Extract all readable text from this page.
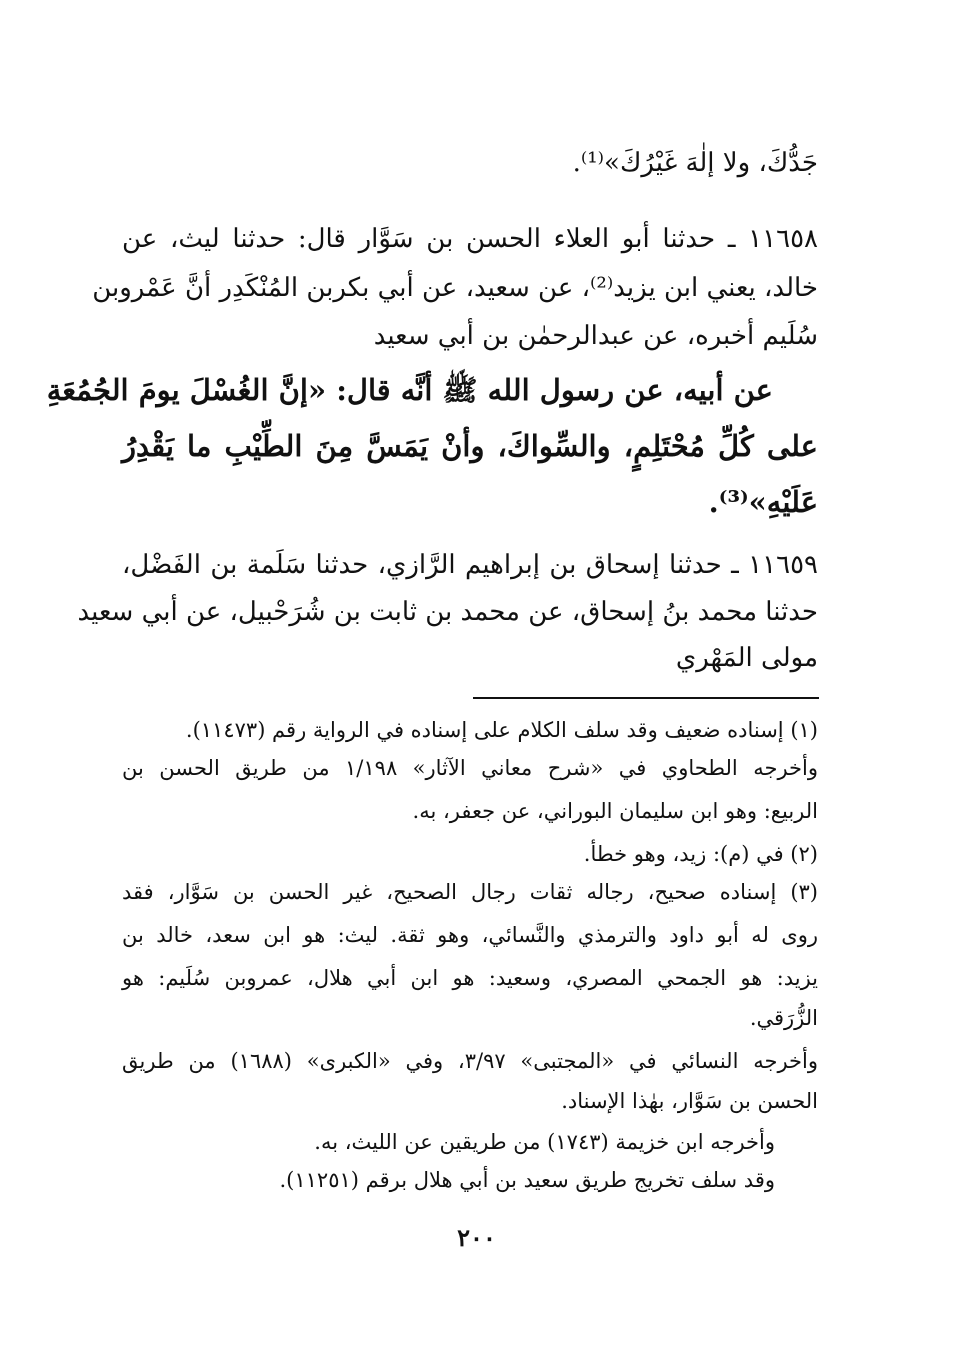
جَدُّكَ، ولا إلٰهَ غَيْرُكَ»⁽¹⁾.
١١٦٥٨ ـ حدثنا أبو العلاء الحسن بن سَوَّار قال: حدثنا ليث، عن
خالد، يعني ابن يزيد⁽²⁾، عن سعيد، عن أبي بكربن المُنْكَدِر أنَّ عَمْروبن
سُلَيم أخبره، عن عبدالرحمٰن بن أبي سعيد
عن أبيه، عن رسول الله ﷺ أنَّه قال: «إنَّ الغُسْلَ يومَ الجُمُعَةِ
على كُلِّ مُحْتَلِمٍ، والسِّواكَ، وأنْ يَمَسَّ مِنَ الطِّيْبِ ما يَقْدِرُ
عَلَيْهِ»⁽³⁾.
١١٦٥٩ ـ حدثنا إسحاق بن إبراهيم الرَّازي، حدثنا سَلَمة بن الفَضْل،
حدثنا محمد بنُ إسحاق، عن محمد بن ثابت بن شُرَحْبيل، عن أبي سعيد
مولى المَهْري
(١) إسناده ضعيف وقد سلف الكلام على إسناده في الرواية رقم (١١٤٧٣).
وأخرجه الطحاوي في «شرح معاني الآثار» ١/١٩٨ من طريق الحسن بن
الربيع: وهو ابن سليمان البوراني، عن جعفر، به.
(٢) في (م): زيد، وهو خطأ.
(٣) إسناده صحيح، رجاله ثقات رجال الصحيح، غير الحسن بن سَوَّار، فقد
روى له أبو داود والترمذي والنَّسائي، وهو ثقة. ليث: هو ابن سعد، خالد بن
يزيد: هو الجمحي المصري، وسعيد: هو ابن أبي هلال، عمروبن سُلَيم: هو
الزُّرَقي.
وأخرجه النسائي في «المجتبى» ٣/٩٧، وفي «الكبرى» (١٦٨٨) من طريق
الحسن بن سَوَّار، بهٰذا الإسناد.
وأخرجه ابن خزيمة (١٧٤٣) من طريقين عن الليث، به.
وقد سلف تخريج طريق سعيد بن أبي هلال برقم (١١٢٥١).
٢٠٠
